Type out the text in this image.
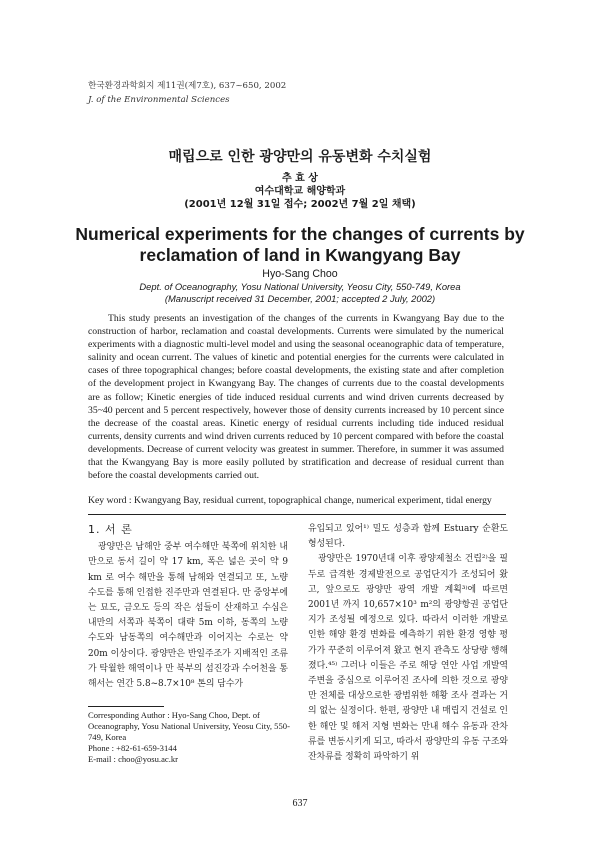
한국환경과학회지 제11권(제7호), 637~650, 2002
J. of the Environmental Sciences
매립으로 인한 광양만의 유동변화 수치실험
추 효 상
여수대학교 해양학과
(2001년 12월 31일 접수; 2002년 7월 2일 채택)
Numerical experiments for the changes of currents by
reclamation of land in Kwangyang Bay
Hyo-Sang Choo
Dept. of Oceanography, Yosu National University, Yeosu City, 550-749, Korea
(Manuscript received 31 December, 2001; accepted 2 July, 2002)
This study presents an investigation of the changes of the currents in Kwangyang Bay due to the construction of harbor, reclamation and coastal developments. Currents were simulated by the numerical experiments with a diagnostic multi-level model and using the seasonal oceanographic data of temperature, salinity and ocean current. The values of kinetic and potential energies for the currents were calculated in cases of three topographical changes; before coastal developments, the existing state and after completion of the development project in Kwangyang Bay. The changes of currents due to the coastal developments are as follow; Kinetic energies of tide induced residual currents and wind driven currents decreased by 35~40 percent and 5 percent respectively, however those of density currents increased by 10 percent since the decrease of the coastal areas. Kinetic energy of residual currents including tide induced residual currents, density currents and wind driven currents reduced by 10 percent compared with before the coastal developments. Decrease of current velocity was greatest in summer. Therefore, in summer it was assumed that the Kwangyang Bay is more easily polluted by stratification and decrease of residual current than before the coastal developments carried out.
Key word : Kwangyang Bay, residual current, topographical change, numerical experiment, tidal energy
1. 서 론

광양만은 남해안 중부 여수해만 북쪽에 위치한 내만으로 동서 길이 약 17 km, 폭은 넓은 곳이 약 9 km 로 여수 해만을 통해 남해와 연결되고 또, 노량 수도를 통해 인접한 진주만과 연결된다. 만 중앙부에는 묘도, 금오도 등의 작은 섬들이 산재하고 수심은 내만의 서쪽과 북쪽이 대략 5m 이하, 동쪽의 노량 수도와 남동쪽의 여수해만과 이어지는 수로는 약 20m 이상이다. 광양만은 반일주조가 지배적인 조류가 탁월한 해역이나 만 북부의 섬진강과 수어천을 통해서는 연간 5.8~8.7×10⁸ 톤의 담수가

유입되고 있어¹⁾ 밀도 성층과 함께 Estuary 순환도 형성된다.

광양만은 1970년대 이후 광양제철소 건립²⁾을 필두로 급격한 경제발전으로 공업단지가 조성되어 왔고, 앞으로도 광양만 광역 개발 계획³⁾에 따르면 2001년 까지 10,657×10³ m²의 광양항권 공업단지가 조성될 예정으로 있다. 따라서 이러한 개발로 인한 해양 환경 변화를 예측하기 위한 환경 영향 평가가 꾸준히 이루어져 왔고 현지 관측도 상당량 행해졌다.⁴⁵⁾ 그러나 이들은 주로 해당 연안 사업 개발역 주변을 중심으로 이루어진 조사에 의한 것으로 광양만 전체를 대상으로한 광범위한 해황 조사 결과는 거의 없는 실정이다. 한편, 광양만 내 매립지 건설로 인한 해안 및 해저 지형 변화는 만내 해수 유동과 잔차류를 변동시키게 되고, 따라서 광양만의 유동 구조와 잔차류를 정확히 파악하기 위

Corresponding Author : Hyo-Sang Choo, Dept. of Oceanography, Yosu National University, Yeosu City, 550-749, Korea
Phone : +82-61-659-3144
E-mail : choo@yosu.ac.kr
637
